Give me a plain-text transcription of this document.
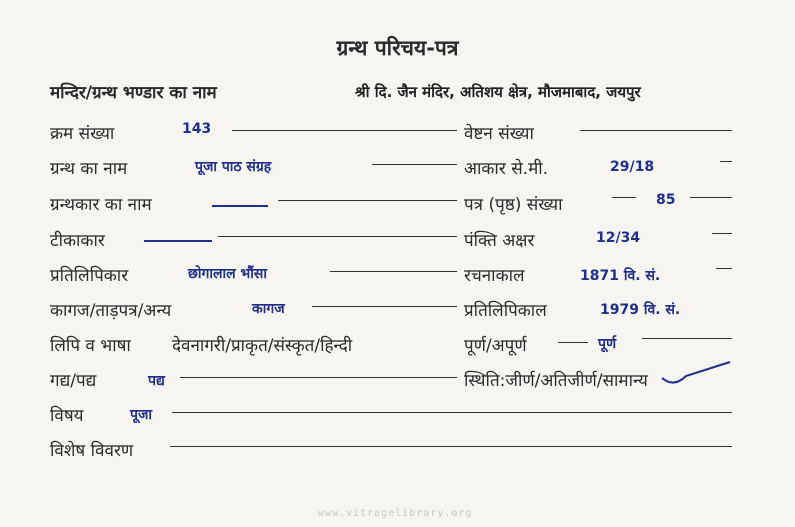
ग्रन्थ परिचय-पत्र
मन्दिर/ग्रन्थ भण्डार का नाम	श्री दि. जैन मंदिर, अतिशय क्षेत्र, मौजमाबाद, जयपुर
क्रम संख्या	143
ग्रन्थ का नाम	पूजा पाठ संग्रह
ग्रन्थकार का नाम
टीकाकार
प्रतिलिपिकार	छोगालाल भौंसा
कागज/ताड़पत्र/अन्य	कागज
लिपि व भाषा देवनागरी/प्राकृत/संस्कृत/हिन्दी
गद्य/पद्य	पद्य
विषय	पूजा
विशेष विवरण
वेष्टन संख्या
आकार से.मी.	29/18
पत्र (पृष्ठ) संख्या	85
पंक्ति अक्षर	12/34
रचनाकाल	1871 वि. सं.
प्रतिलिपिकाल	1979 वि. सं.
पूर्ण/अपूर्ण	पूर्ण
स्थिति:जीर्ण/अतिजीर्ण/सामान्य
www.vitragelibrary.org
